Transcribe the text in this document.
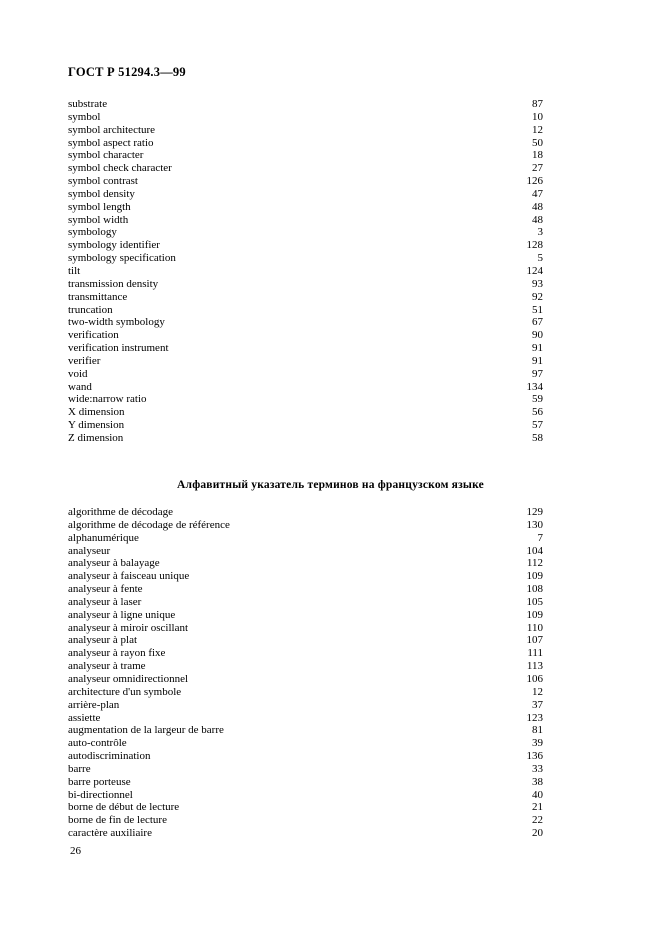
ГОСТ Р 51294.3—99
substrate	87
symbol	10
symbol architecture	12
symbol aspect ratio	50
symbol character	18
symbol check character	27
symbol contrast	126
symbol density	47
symbol length	48
symbol width	48
symbology	3
symbology identifier	128
symbology specification	5
tilt	124
transmission density	93
transmittance	92
truncation	51
two-width symbology	67
verification	90
verification instrument	91
verifier	91
void	97
wand	134
wide:narrow ratio	59
X dimension	56
Y dimension	57
Z dimension	58
Алфавитный указатель терминов на французском языке
algorithme de décodage	129
algorithme de décodage de référence	130
alphanumérique	7
analyseur	104
analyseur à balayage	112
analyseur à faisceau unique	109
analyseur à fente	108
analyseur à laser	105
analyseur à ligne unique	109
analyseur à miroir oscillant	110
analyseur à plat	107
analyseur à rayon fixe	111
analyseur à trame	113
analyseur omnidirectionnel	106
architecture d'un symbole	12
arrière-plan	37
assiette	123
augmentation de la largeur de barre	81
auto-contrôle	39
autodiscrimination	136
barre	33
barre porteuse	38
bi-directionnel	40
borne de début de lecture	21
borne de fin de lecture	22
caractère auxiliaire	20
26
